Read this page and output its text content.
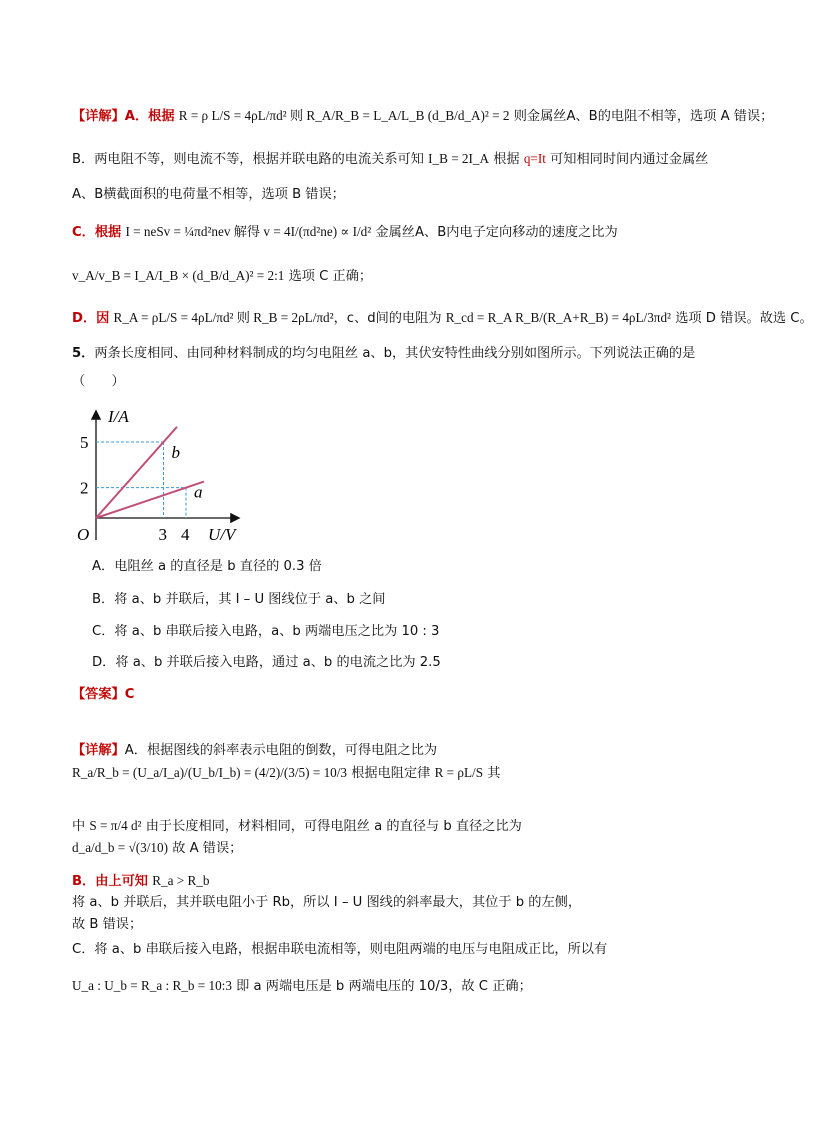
【详解】A．根据 R = ρ L/S = 4ρL/πd² 则 R_A/R_B = L_A/L_B (d_B/d_A)² = 2 则金属丝A、B的电阻不相等，选项 A 错误；
B．两电阻不等，则电流不等，根据并联电路的电流关系可知 I_B = 2I_A 根据 q=It 可知相同时间内通过金属丝
A、B横截面积的电荷量不相等，选项 B 错误；
C．根据 I = neSv = ¼πd²nev 解得 v = 4I/(πd²ne) ∝ I/d² 金属丝A、B内电子定向移动的速度之比为
v_A/v_B = I_A/I_B × (d_B/d_A)² = 2:1 选项 C 正确；
D．因 R_A = ρL/S = 4ρL/πd² 则 R_B = 2ρL/πd²，c、d间的电阻为 R_cd = R_A R_B/(R_A+R_B) = 4ρL/3πd² 选项 D 错误。故选 C。
5．两条长度相同、由同种材料制成的均匀电阻丝 a、b，其伏安特性曲线分别如图所示。下列说法正确的是
（　　）
I/A
U/V
O
b
a
3 4
5
2
A．电阻丝 a 的直径是 b 直径的 0.3 倍
B．将 a、b 并联后，其 I – U 图线位于 a、b 之间
C．将 a、b 串联后接入电路，a、b 两端电压之比为 10 : 3
D．将 a、b 并联后接入电路，通过 a、b 的电流之比为 2.5
【答案】C
【详解】A．根据图线的斜率表示电阻的倒数，可得电阻之比为
R_a/R_b = (U_a/I_a)/(U_b/I_b) = (4/2)/(3/5) = 10/3 根据电阻定律 R = ρL/S 其
中 S = π/4 d² 由于长度相同，材料相同，可得电阻丝 a 的直径与 b 直径之比为
d_a/d_b = √(3/10) 故 A 错误；
B．由上可知 R_a > R_b
将 a、b 并联后，其并联电阻小于 Rb，所以 I – U 图线的斜率最大，其位于 b 的左侧，
故 B 错误；
C．将 a、b 串联后接入电路，根据串联电流相等，则电阻两端的电压与电阻成正比，所以有
U_a : U_b = R_a : R_b = 10:3 即 a 两端电压是 b 两端电压的 10/3，故 C 正确；
